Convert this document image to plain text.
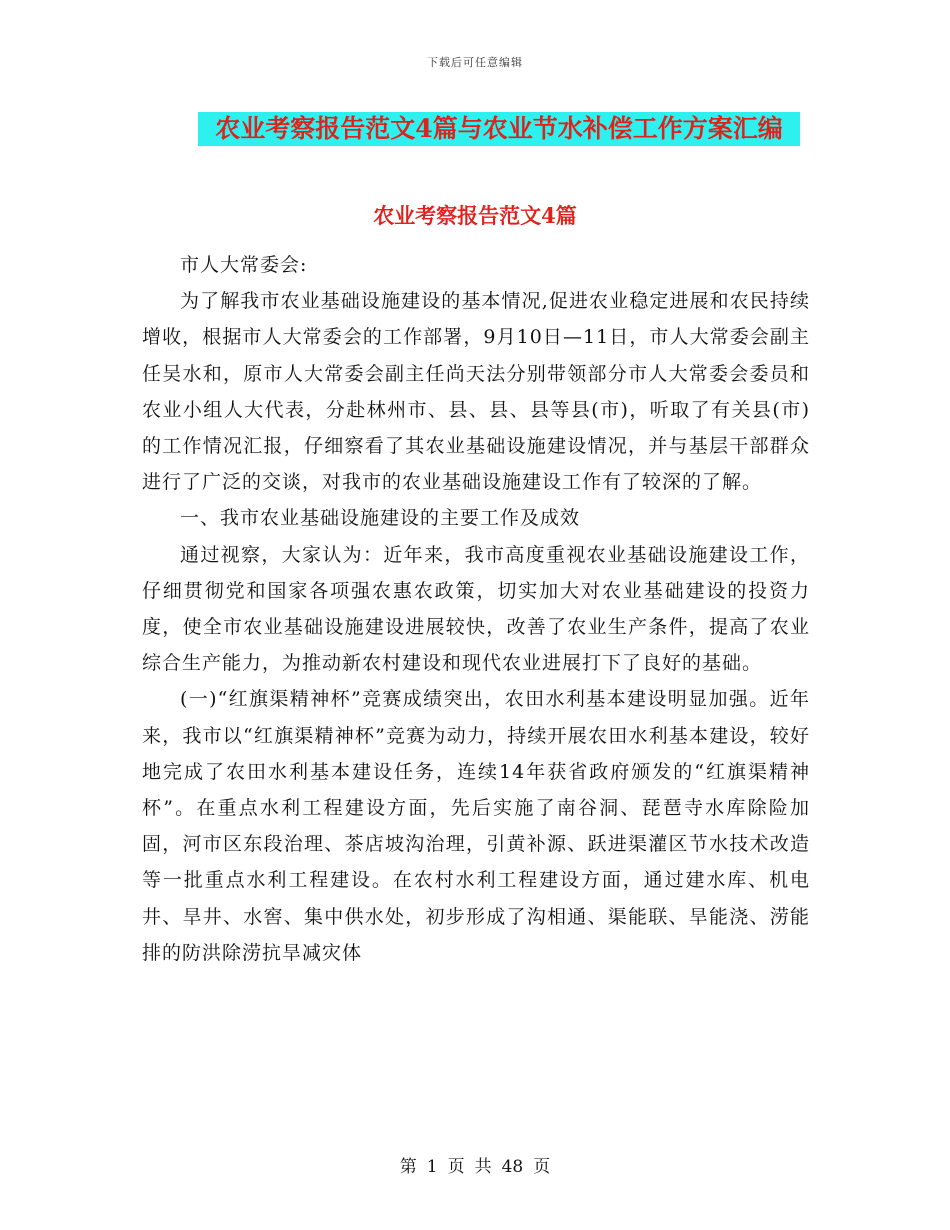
下载后可任意编辑
农业考察报告范文4篇与农业节水补偿工作方案汇编
农业考察报告范文4篇

市人大常委会:

为了解我市农业基础设施建设的基本情况,促进农业稳定进展和农民持续增收，根据市人大常委会的工作部署，9月10日—11日，市人大常委会副主任吴水和，原市人大常委会副主任尚天法分别带领部分市人大常委会委员和农业小组人大代表，分赴林州市、县、县、县等县(市)，听取了有关县(市)的工作情况汇报，仔细察看了其农业基础设施建设情况，并与基层干部群众进行了广泛的交谈，对我市的农业基础设施建设工作有了较深的了解。

一、我市农业基础设施建设的主要工作及成效

通过视察，大家认为：近年来，我市高度重视农业基础设施建设工作，仔细贯彻党和国家各项强农惠农政策，切实加大对农业基础建设的投资力度，使全市农业基础设施建设进展较快，改善了农业生产条件，提高了农业综合生产能力，为推动新农村建设和现代农业进展打下了良好的基础。

(一)“红旗渠精神杯”竞赛成绩突出，农田水利基本建设明显加强。近年来，我市以“红旗渠精神杯”竞赛为动力，持续开展农田水利基本建设，较好地完成了农田水利基本建设任务，连续14年获省政府颁发的“红旗渠精神杯”。在重点水利工程建设方面，先后实施了南谷洞、琵琶寺水库除险加固，河市区东段治理、茶店坡沟治理，引黄补源、跃进渠灌区节水技术改造等一批重点水利工程建设。在农村水利工程建设方面，通过建水库、机电井、旱井、水窖、集中供水处，初步形成了沟相通、渠能联、旱能浇、涝能排的防洪除涝抗旱减灾体

第 1 页 共 48 页
